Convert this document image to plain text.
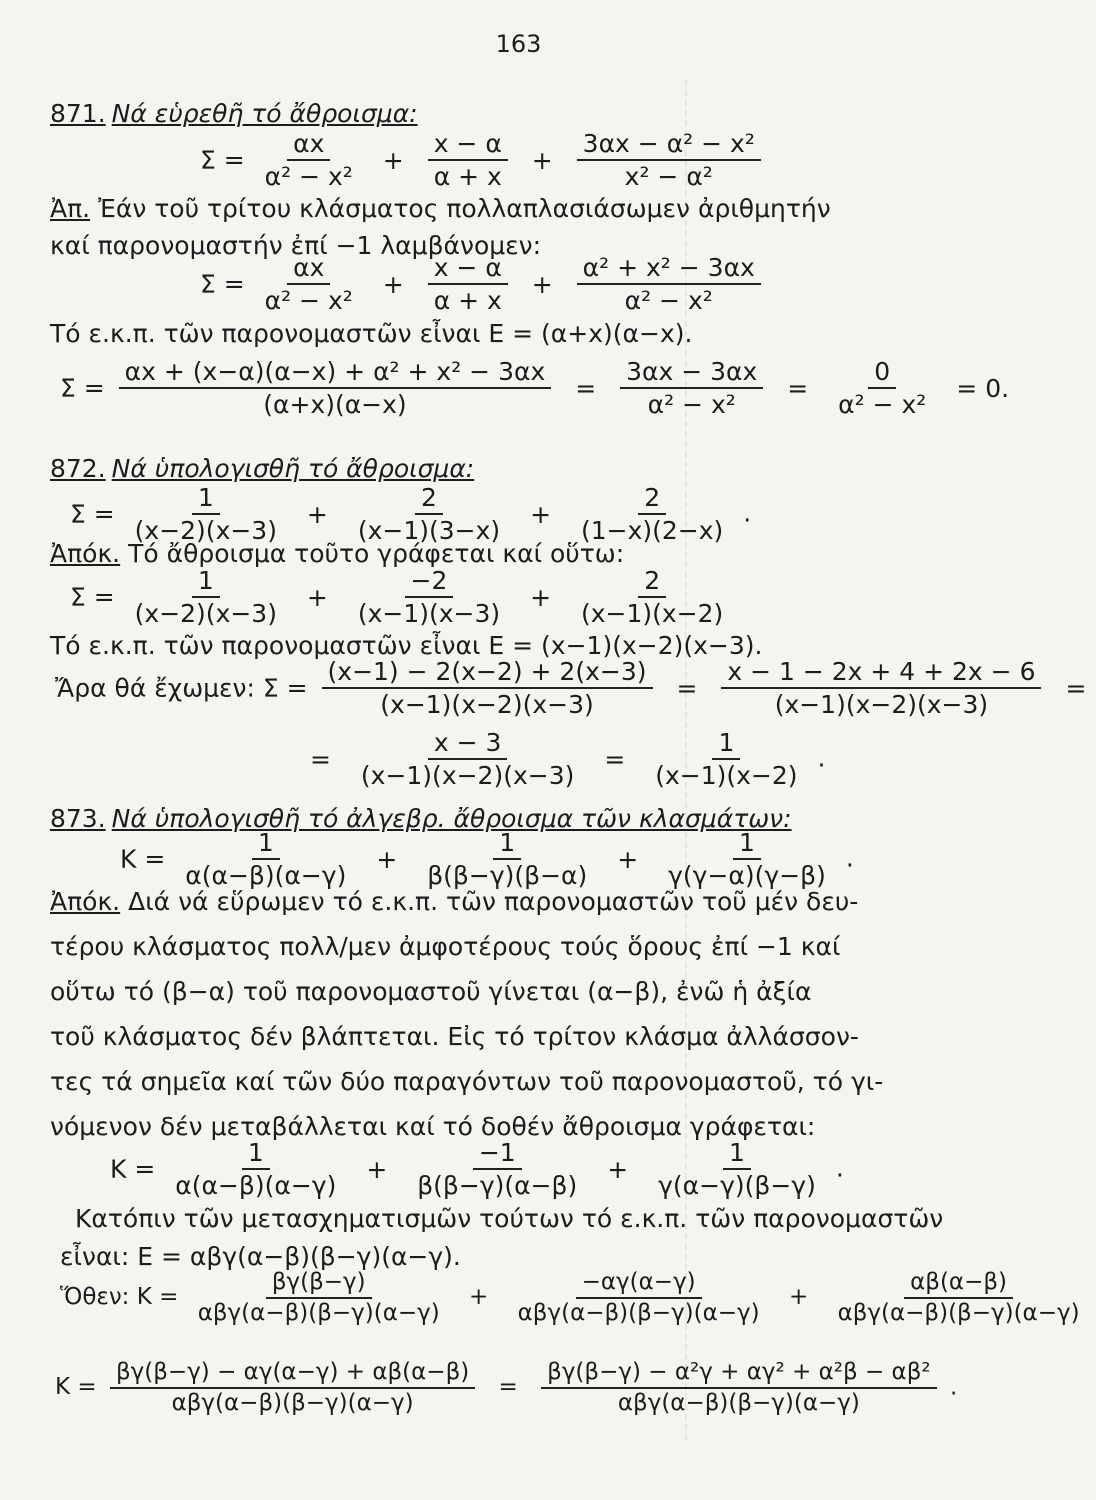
163
871. Νά εὑρεθῆ τό ἄθροισμα:
$\Sigma = \frac{\alpha x}{\text{α² − x²}} + \frac{x - \alpha}{\alpha + x} + \frac{\text{3αx − α² − x²}}{\text{x² − α²}}$
Ἀπ. Ἐάν τοῦ τρίτου κλάσματος πολλαπλασιάσωμεν ἀριθμητήν
καί παρονομαστήν ἐπί −1 λαμβάνομεν:
$\Sigma = \frac{\alpha x}{\text{α² − x²}} + \frac{x - \alpha}{\alpha + x} + \frac{\text{α² + x² − 3αx}}{\text{α² − x²}}$
Τό ε.κ.π. τῶν παρονομαστῶν εἶναι Ε = (α+x)(α−x).
$\Sigma = \frac{\text{αx + (x−α)(α−x) + α² + x² − 3αx}}{(\alpha+x)(\alpha-x)} = \frac{3\alpha x - 3\alpha x}{\text{α² − x²}} = \frac{0}{\text{α² − x²}} = 0$.
872. Νά ὑπολογισθῆ τό ἄθροισμα:
$\Sigma = \frac{1}{(x-2)(x-3)} + \frac{2}{(x-1)(3-x)} + \frac{2}{(1-x)(2-x)}$ .
Ἀπόκ. Τό ἄθροισμα τοῦτο γράφεται καί οὕτω:
$\Sigma = \frac{1}{(x-2)(x-3)} + \frac{-2}{(x-1)(x-3)} + \frac{2}{(x-1)(x-2)}$
Τό ε.κ.π. τῶν παρονομαστῶν εἶναι Ε = (x−1)(x−2)(x−3).
Ἄρα θά ἔχωμεν: $\Sigma = \frac{(x-1) - 2(x-2) + 2(x-3)}{(x-1)(x-2)(x-3)} = \frac{x - 1 - 2x + 4 + 2x - 6}{(x-1)(x-2)(x-3)}$ =
= $\frac{x - 3}{(x-1)(x-2)(x-3)} = \frac{1}{(x-1)(x-2)}$ .
873. Νά ὑπολογισθῆ τό ἀλγεβρ. ἄθροισμα τῶν κλασμάτων:
$K = \frac{1}{\alpha(\alpha-\beta)(\alpha-\gamma)} + \frac{1}{\beta(\beta-\gamma)(\beta-\alpha)} + \frac{1}{\gamma(\gamma-\alpha)(\gamma-\beta)}$ .
Ἀπόκ. Διά νά εὕρωμεν τό ε.κ.π. τῶν παρονομαστῶν τοῦ μέν δευ-
τέρου κλάσματος πολλ/μεν ἀμφοτέρους τούς ὅρους ἐπί −1 καί
οὕτω τό (β−α) τοῦ παρονομαστοῦ γίνεται (α−β), ἐνῶ ἡ ἀξία
τοῦ κλάσματος δέν βλάπτεται. Εἰς τό τρίτον κλάσμα ἀλλάσσον-
τες τά σημεῖα καί τῶν δύο παραγόντων τοῦ παρονομαστοῦ, τό γι-
νόμενον δέν μεταβάλλεται καί τό δοθέν ἄθροισμα γράφεται:
$K = \frac{1}{\alpha(\alpha-\beta)(\alpha-\gamma)} + \frac{-1}{\beta(\beta-\gamma)(\alpha-\beta)} + \frac{1}{\gamma(\alpha-\gamma)(\beta-\gamma)}$ .
Κατόπιν τῶν μετασχηματισμῶν τούτων τό ε.κ.π. τῶν παρονομαστῶν
εἶναι: Ε = αβγ(α−β)(β−γ)(α−γ).
Ὅθεν: $K = \frac{\beta\gamma(\beta-\gamma)}{\text{αβγ(α−β)(β−γ)(α−γ)}} + \frac{-\alpha\gamma(\alpha-\gamma)}{\text{αβγ(α−β)(β−γ)(α−γ)}} + \frac{\alpha\beta(\alpha-\beta)}{\text{αβγ(α−β)(β−γ)(α−γ)}}$
$K = \frac{\beta\gamma(\beta-\gamma) - \alpha\gamma(\alpha-\gamma) + \alpha\beta(\alpha-\beta)}{\text{αβγ(α−β)(β−γ)(α−γ)}} = \frac{\text{βγ(β−γ) − α²γ + αγ² + α²β − αβ²}}{\text{αβγ(α−β)(β−γ)(α−γ)}}$ .
